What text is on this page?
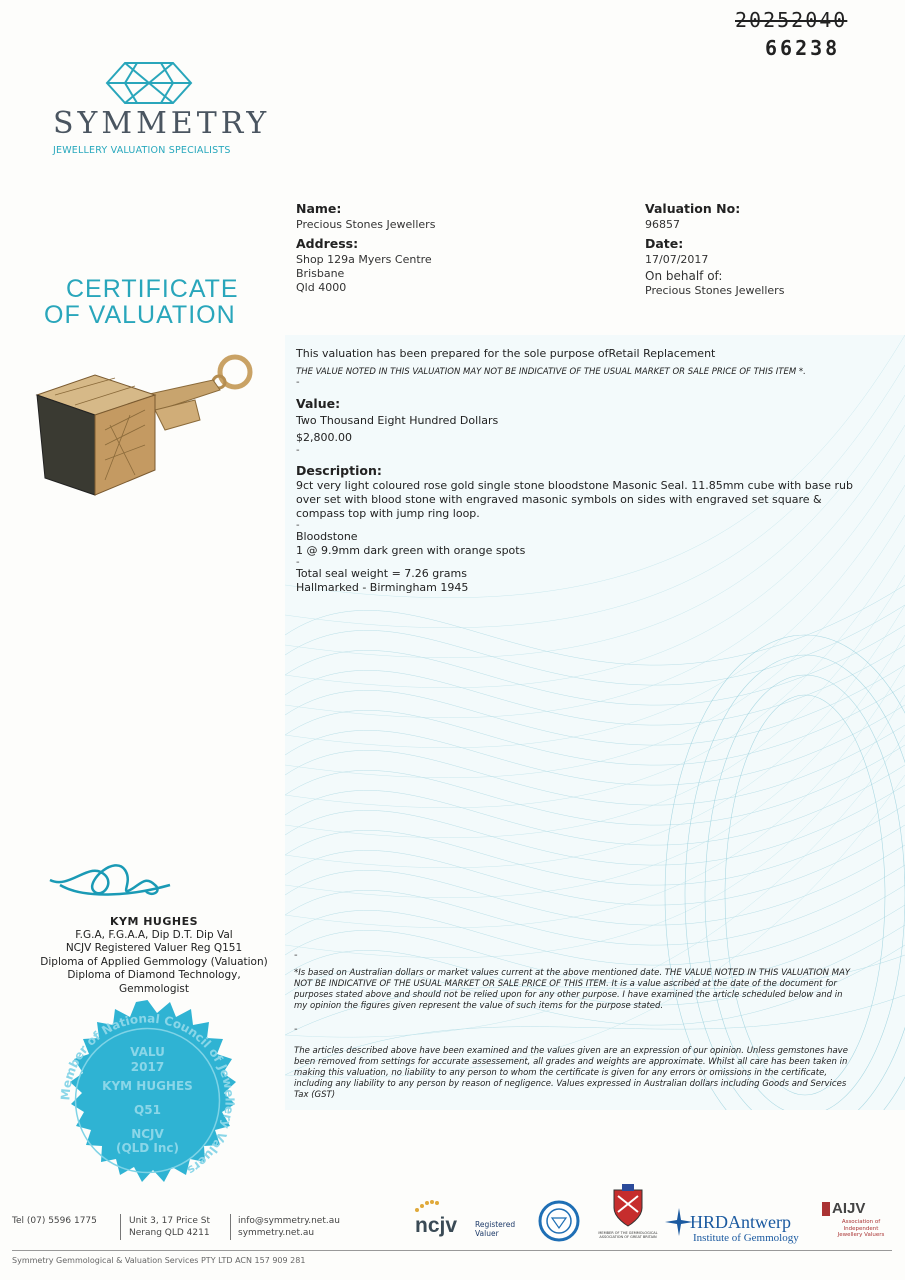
20252040
66238
SYMMETRY
JEWELLERY VALUATION SPECIALISTS
CERTIFICATE
OF VALUATION
Name:
Precious Stones Jewellers
Address:
Shop 129a Myers Centre
Brisbane
Qld 4000
Valuation No:
96857
Date:
17/07/2017
On behalf of:
Precious Stones Jewellers
This valuation has been prepared for the sole purpose ofRetail Replacement
THE VALUE NOTED IN THIS VALUATION MAY NOT BE INDICATIVE OF THE USUAL MARKET OR SALE PRICE OF THIS ITEM *.
-
Value:
Two Thousand Eight Hundred Dollars
$2,800.00
-
Description:
9ct very light coloured rose gold single stone bloodstone Masonic Seal. 11.85mm cube with base rub over set with blood stone with engraved masonic symbols on sides with engraved set square & compass top with jump ring loop.
-
Bloodstone
1 @ 9.9mm dark green with orange spots
-
Total seal weight = 7.26 grams
Hallmarked - Birmingham 1945
-
*Is based on Australian dollars or market values current at the above mentioned date. THE VALUE NOTED IN THIS VALUATION MAY NOT BE INDICATIVE OF THE USUAL MARKET OR SALE PRICE OF THIS ITEM. It is a value ascribed at the date of the document for purposes stated above and should not be relied upon for any other purpose. I have examined the article scheduled below and in my opinion the figures given represent the value of such items for the purpose stated.
-
The articles described above have been examined and the values given are an expression of our opinion. Unless gemstones have been removed from settings for accurate assessement, all grades and weights are approximate. Whilst all care has been taken in making this valuation, no liability to any person to whom the certificate is given for any errors or omissions in the certificate, including any liability to any person by reason of negligence. Values expressed in Australian dollars including Goods and Services Tax (GST)
KYM HUGHES
F.G.A, F.G.A.A, Dip D.T. Dip Val
NCJV Registered Valuer Reg Q151
Diploma of Applied Gemmology (Valuation)
Diploma of Diamond Technology,
Gemmologist
Member of National Council of Jewellery Valuers
VALU
2017
KYM HUGHES
Q51
NCJV
(QLD Inc)
Tel (07) 5596 1775	Unit 3, 17 Price St
Nerang QLD 4211
info@symmetry.net.au
symmetry.net.au	ncjv Registered
Valuer	MEMBER OF THE GEMMOLOGICAL ASSOCIATION OF GREAT BRITAIN
HRDAntwerp
Institute of Gemmology
AIJV
Association of
Independent
Jewellery Valuers
Symmetry Gemmological & Valuation Services PTY LTD ACN 157 909 281
